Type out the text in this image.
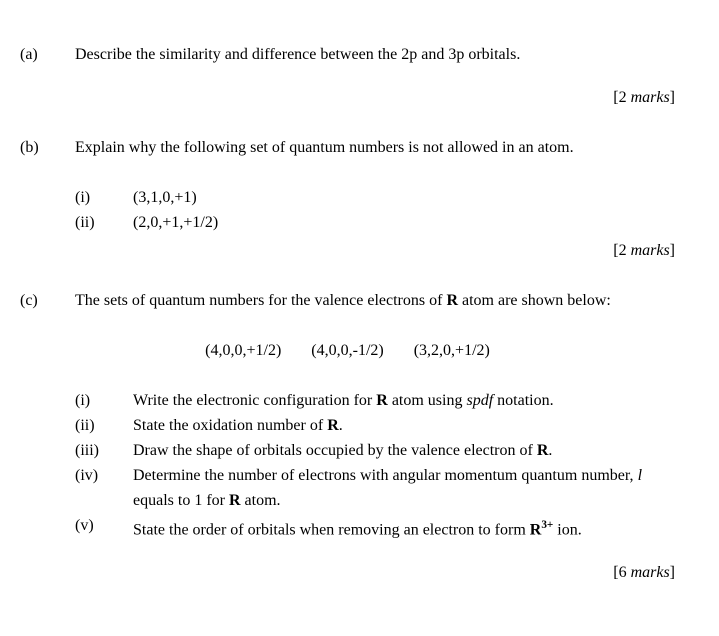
(a)	Describe the similarity and difference between the 2p and 3p orbitals.
[2 marks]
(b)	Explain why the following set of quantum numbers is not allowed in an atom.
(i)	(3,1,0,+1)
(ii)	(2,0,+1,+1/2)
[2 marks]
(c)	The sets of quantum numbers for the valence electrons of R atom are shown below:
(4,0,0,+1/2) (4,0,0,-1/2) (3,2,0,+1/2)
(i)	Write the electronic configuration for R atom using spdf notation.
(ii)	State the oxidation number of R.
(iii)	Draw the shape of orbitals occupied by the valence electron of R.
(iv)	Determine the number of electrons with angular momentum quantum number, l equals to 1 for R atom.
(v)	State the order of orbitals when removing an electron to form $R^{3+}$ ion.
[6 marks]
